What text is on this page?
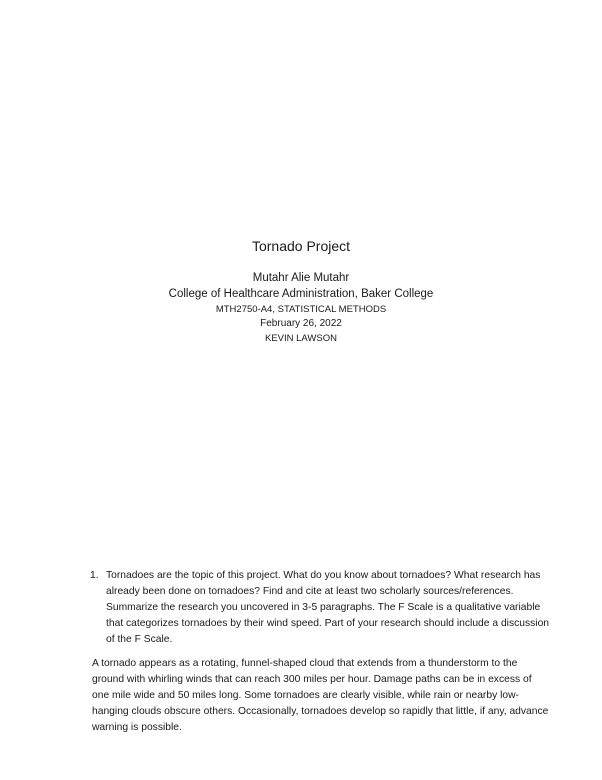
Tornado Project
Mutahr Alie Mutahr
College of Healthcare Administration, Baker College
MTH2750-A4, STATISTICAL METHODS
February 26, 2022
KEVIN LAWSON
1. Tornadoes are the topic of this project. What do you know about tornadoes? What research has
already been done on tornadoes? Find and cite at least two scholarly sources/references.
Summarize the research you uncovered in 3-5 paragraphs. The F Scale is a qualitative variable
that categorizes tornadoes by their wind speed. Part of your research should include a discussion
of the F Scale.
A tornado appears as a rotating, funnel-shaped cloud that extends from a thunderstorm to the
ground with whirling winds that can reach 300 miles per hour. Damage paths can be in excess of
one mile wide and 50 miles long. Some tornadoes are clearly visible, while rain or nearby low-
hanging clouds obscure others. Occasionally, tornadoes develop so rapidly that little, if any, advance
warning is possible.
